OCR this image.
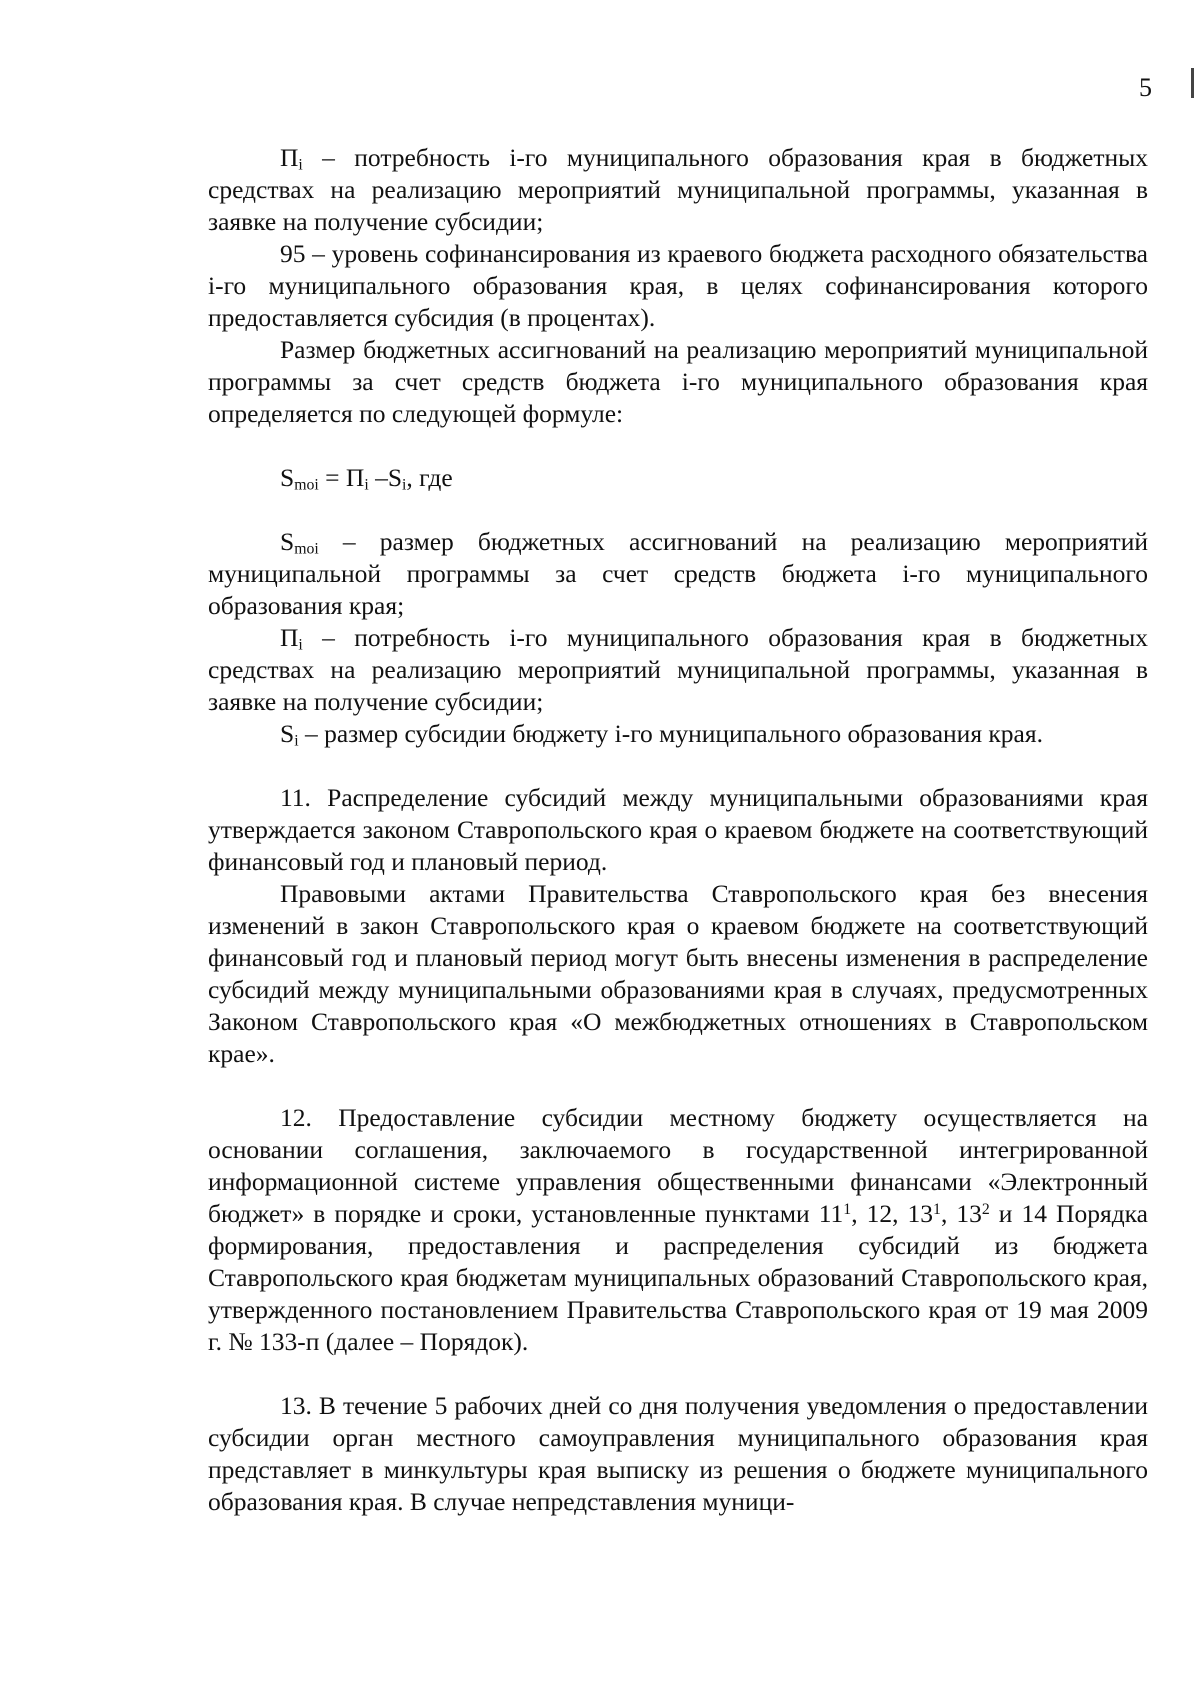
5

$П_i$ – потребность i-го муниципального образования края в бюджетных средствах на реализацию мероприятий муниципальной программы, указанная в заявке на получение субсидии;

95 – уровень софинансирования из краевого бюджета расходного обязательства i-го муниципального образования края, в целях софинансирования которого предоставляется субсидия (в процентах).

Размер бюджетных ассигнований на реализацию мероприятий муниципальной программы за счет средств бюджета i-го муниципального образования края определяется по следующей формуле:

$S_{moi} = П_i$ $-S_i$, где

$S_{moi}$ – размер бюджетных ассигнований на реализацию мероприятий муниципальной программы за счет средств бюджета i-го муниципального образования края;

$П_i$ – потребность i-го муниципального образования края в бюджетных средствах на реализацию мероприятий муниципальной программы, указанная в заявке на получение субсидии;

$S_i$ – размер субсидии бюджету i-го муниципального образования края.

11. Распределение субсидий между муниципальными образованиями края утверждается законом Ставропольского края о краевом бюджете на соответствующий финансовый год и плановый период.

Правовыми актами Правительства Ставропольского края без внесения изменений в закон Ставропольского края о краевом бюджете на соответствующий финансовый год и плановый период могут быть внесены изменения в распределение субсидий между муниципальными образованиями края в случаях, предусмотренных Законом Ставропольского края «О межбюджетных отношениях в Ставропольском крае».

12. Предоставление субсидии местному бюджету осуществляется на основании соглашения, заключаемого в государственной интегрированной информационной системе управления общественными финансами «Электронный бюджет» в порядке и сроки, установленные пунктами $11^1$, 12, $13^1$, $13^2$ и 14 Порядка формирования, предоставления и распределения субсидий из бюджета Ставропольского края бюджетам муниципальных образований Ставропольского края, утвержденного постановлением Правительства Ставропольского края от 19 мая 2009 г. № 133-п (далее – Порядок).

13. В течение 5 рабочих дней со дня получения уведомления о предоставлении субсидии орган местного самоуправления муниципального образования края представляет в минкультуры края выписку из решения о бюджете муниципального образования края. В случае непредставления муници-
